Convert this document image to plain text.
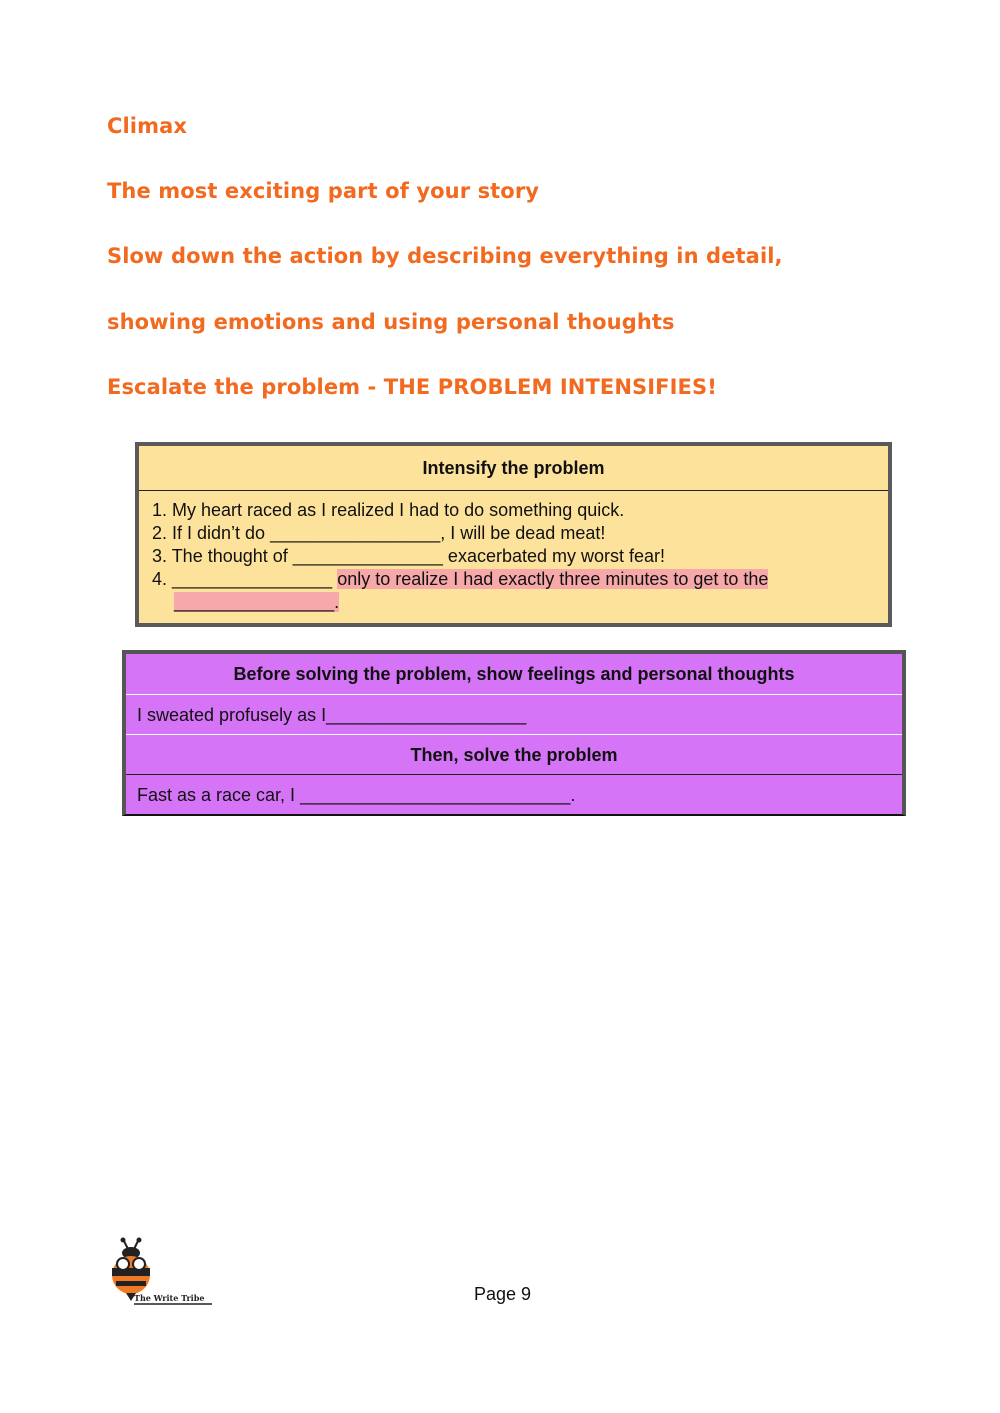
Climax
The most exciting part of your story
Slow down the action by describing everything in detail,
showing emotions and using personal thoughts
Escalate the problem - THE PROBLEM INTENSIFIES!
Intensify the problem
1. My heart raced as I realized I had to do something quick.
2. If I didn’t do _________________, I will be dead meat!
3. The thought of _______________ exacerbated my worst fear!
4. ________________ only to realize I had exactly three minutes to get to the
________________.
Before solving the problem, show feelings and personal thoughts
I sweated profusely as I____________________
Then, solve the problem
Fast as a race car, I ___________________________.
The Write Tribe	Page 9
